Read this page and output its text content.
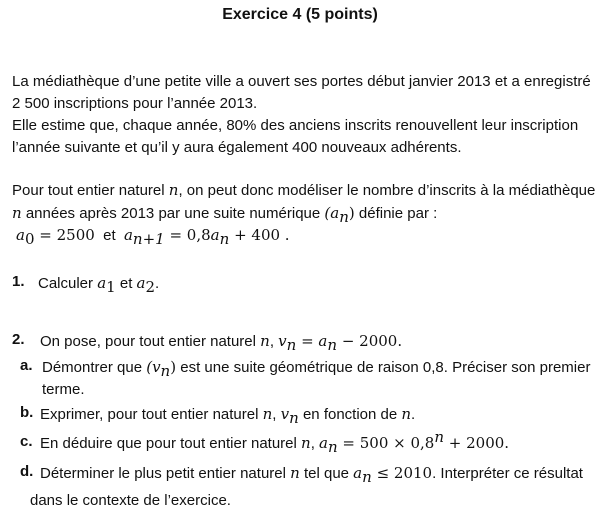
Exercice 4 (5 points)
La médiathèque d’une petite ville a ouvert ses portes début janvier 2013 et a enregistré
2 500 inscriptions pour l’année 2013.
Elle estime que, chaque année, 80% des anciens inscrits renouvellent leur inscription
l’année suivante et qu’il y aura également 400 nouveaux adhérents.
Pour tout entier naturel n, on peut donc modéliser le nombre d’inscrits à la médiathèque
n années après 2013 par une suite numérique $(a_n)$ définie par :
$a_0 = 2500$  et  $a_{n+1} = 0,8a_n + 400$ .
1. Calculer $a_1$ et $a_2$.
2. On pose, pour tout entier naturel n, $v_n = a_n - 2000$.
a. Démontrer que $(v_n)$ est une suite géométrique de raison 0,8. Préciser son premier
terme.
b. Exprimer, pour tout entier naturel n, $v_n$ en fonction de n.
c. En déduire que pour tout entier naturel n, $a_n = 500 \times 0,8^n + 2000$.
d. Déterminer le plus petit entier naturel n tel que $a_n \le 2010$. Interpréter ce résultat
dans le contexte de l’exercice.
